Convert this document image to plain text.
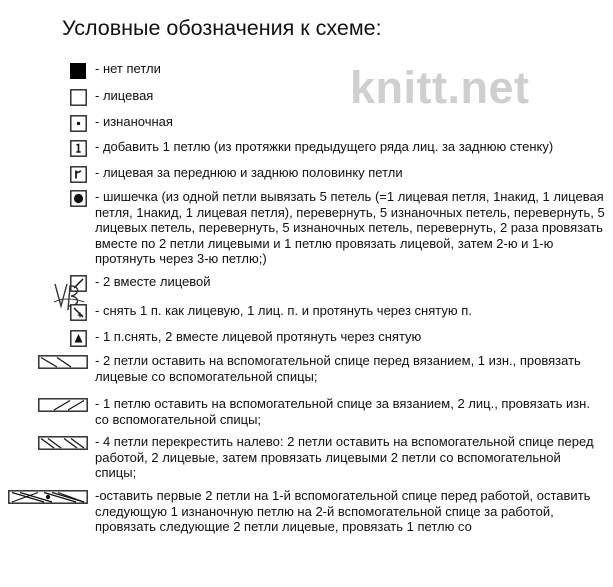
Условные обозначения к схеме:
knitt.net
- нет петли
- лицевая
- изнаночная
- добавить 1 петлю (из протяжки предыдущего ряда лиц. за заднюю стенку)
- лицевая за переднюю и заднюю половинку петли
- шишечка (из одной петли вывязать 5 петель (=1 лицевая петля, 1накид, 1 лицевая петля, 1накид, 1 лицевая петля), перевернуть, 5 изнаночных петель, перевернуть, 5 лицевых петель, перевернуть, 5 изнаночных петель, перевернуть, 2 раза провязать вместе по 2 петли лицевыми и 1 петлю провязать лицевой, затем 2-ю и 1-ю протянуть через 3-ю петлю;)
- 2 вместе лицевой
- снять 1 п. как лицевую, 1 лиц. п. и протянуть через снятую п.
- 1 п.снять, 2 вместе лицевой протянуть через снятую
- 2 петли оставить на вспомогательной спице перед вязанием, 1 изн., провязать лицевые со вспомогательной спицы;
- 1 петлю оставить на вспомогательной спице за вязанием, 2 лиц., провязать изн. со вспомогательной спицы;
- 4 петли перекрестить налево: 2 петли оставить на вспомогательной спице перед работой, 2 лицевые, затем провязать лицевыми 2 петли со вспомогательной спицы;
-оставить первые 2 петли на 1-й вспомогательной спице перед работой, оставить следующую 1 изнаночную петлю на 2-й вспомогательной спице за работой, провязать следующие 2 петли лицевые, провязать 1 петлю со
